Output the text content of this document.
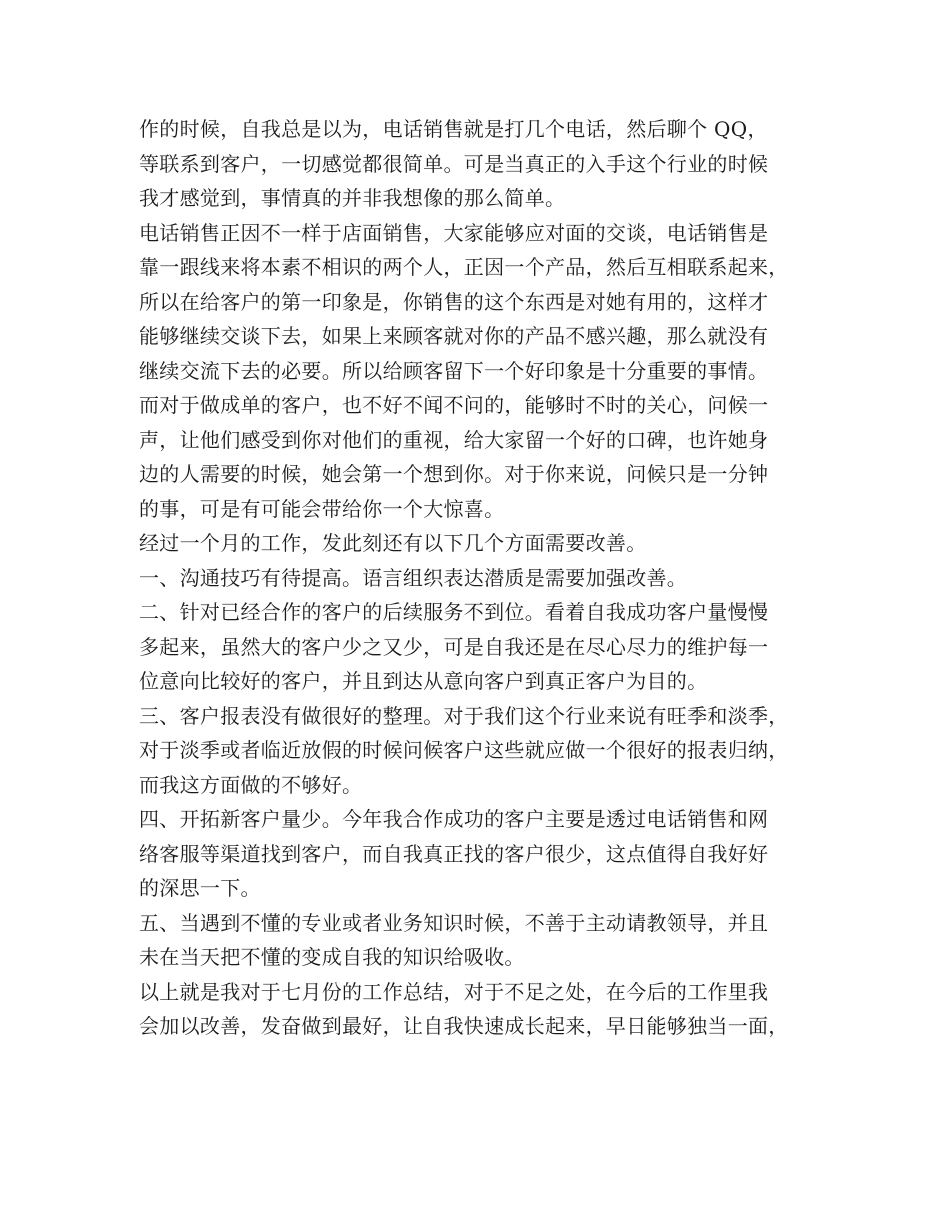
作的时候，自我总是以为，电话销售就是打几个电话，然后聊个 QQ，
等联系到客户，一切感觉都很简单。可是当真正的入手这个行业的时候
我才感觉到，事情真的并非我想像的那么简单。
电话销售正因不一样于店面销售，大家能够应对面的交谈，电话销售是
靠一跟线来将本素不相识的两个人，正因一个产品，然后互相联系起来，
所以在给客户的第一印象是，你销售的这个东西是对她有用的，这样才
能够继续交谈下去，如果上来顾客就对你的产品不感兴趣，那么就没有
继续交流下去的必要。所以给顾客留下一个好印象是十分重要的事情。
而对于做成单的客户，也不好不闻不问的，能够时不时的关心，问候一
声，让他们感受到你对他们的重视，给大家留一个好的口碑，也许她身
边的人需要的时候，她会第一个想到你。对于你来说，问候只是一分钟
的事，可是有可能会带给你一个大惊喜。
经过一个月的工作，发此刻还有以下几个方面需要改善。
一、沟通技巧有待提高。语言组织表达潜质是需要加强改善。
二、针对已经合作的客户的后续服务不到位。看着自我成功客户量慢慢
多起来，虽然大的客户少之又少，可是自我还是在尽心尽力的维护每一
位意向比较好的客户，并且到达从意向客户到真正客户为目的。
三、客户报表没有做很好的整理。对于我们这个行业来说有旺季和淡季，
对于淡季或者临近放假的时候问候客户这些就应做一个很好的报表归纳，
而我这方面做的不够好。
四、开拓新客户量少。今年我合作成功的客户主要是透过电话销售和网
络客服等渠道找到客户，而自我真正找的客户很少，这点值得自我好好
的深思一下。
五、当遇到不懂的专业或者业务知识时候，不善于主动请教领导，并且
未在当天把不懂的变成自我的知识给吸收。
以上就是我对于七月份的工作总结，对于不足之处，在今后的工作里我
会加以改善，发奋做到最好，让自我快速成长起来，早日能够独当一面，
